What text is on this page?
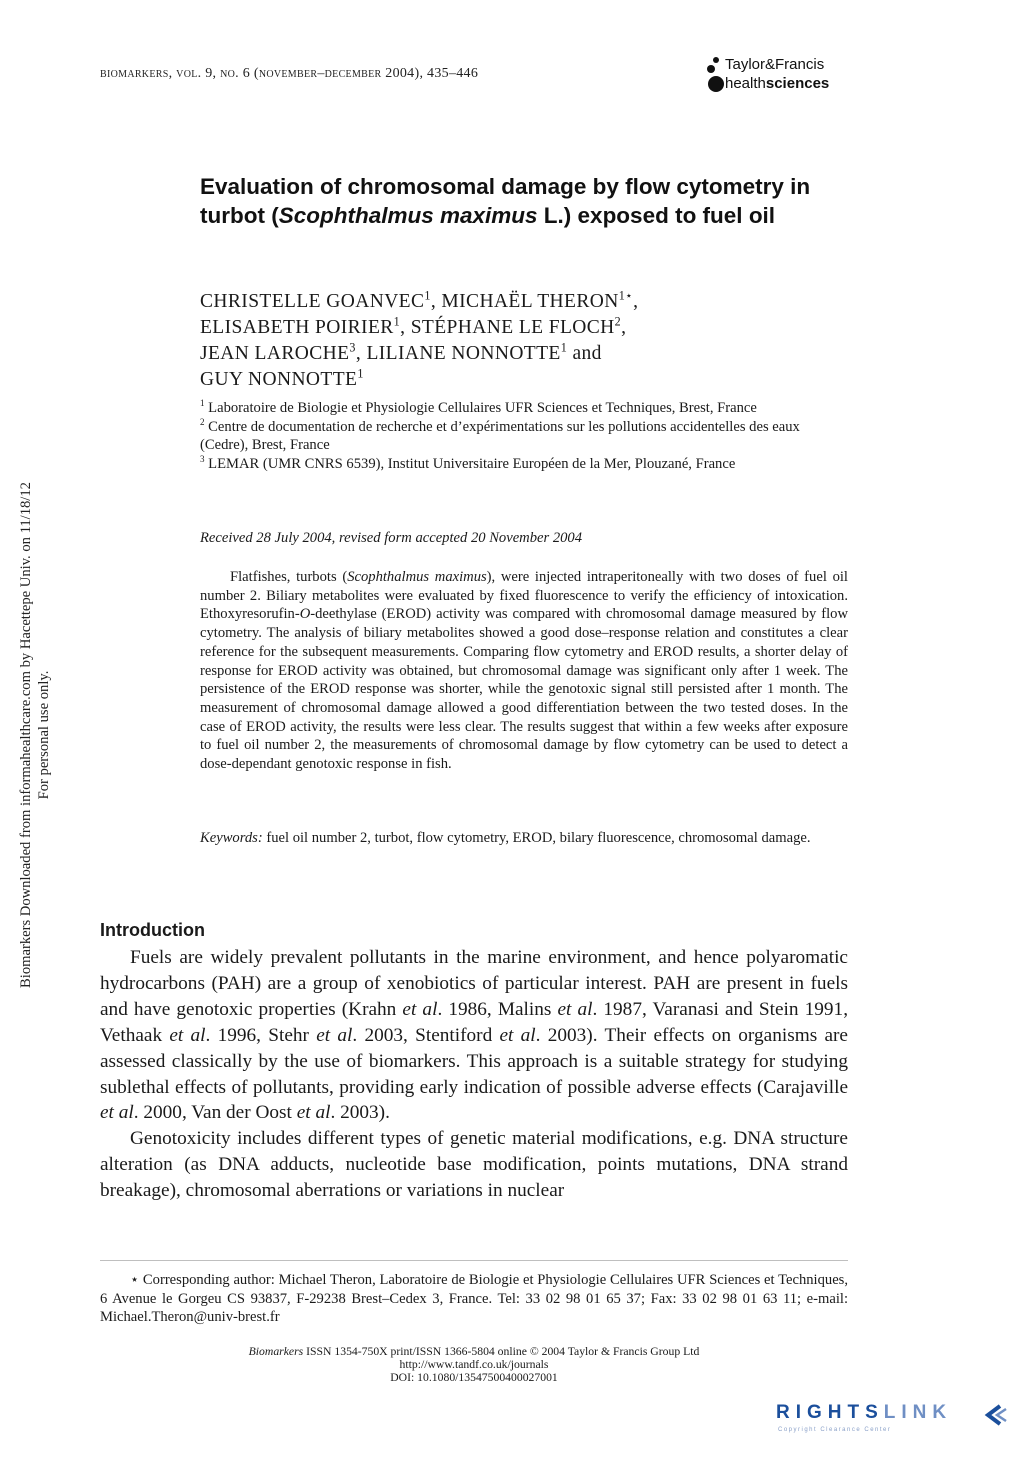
Biomarkers Downloaded from informahealthcare.com by Hacettepe Univ. on 11/18/12 For personal use only.
biomarkers, vol. 9, no. 6 (november–december 2004), 435–446
Taylor&Francis
healthsciences
Evaluation of chromosomal damage by flow cytometry in turbot (Scophthalmus maximus L.) exposed to fuel oil
CHRISTELLE GOANVEC$^1$, MICHAËL $THERON^{1⋆}$,
ELISABETH POIRIER$^1$, STÉPHANE LE FLOCH$^2$,
JEAN LAROCHE$^3$, LILIANE NONNOTTE$^1$ and
GUY NONNOTTE$^1$

$^1$ Laboratoire de Biologie et Physiologie Cellulaires UFR Sciences et Techniques, Brest, France

$^2$ Centre de documentation de recherche et d’expérimentations sur les pollutions accidentelles des eaux (Cedre), Brest, France

$^3$ LEMAR (UMR CNRS 6539), Institut Universitaire Européen de la Mer, Plouzané, France

Received 28 July 2004, revised form accepted 20 November 2004

Flatfishes, turbots (Scophthalmus maximus), were injected intraperitoneally with two doses of fuel oil number 2. Biliary metabolites were evaluated by fixed fluorescence to verify the efficiency of intoxication. Ethoxyresorufin-O-deethylase (EROD) activity was compared with chromosomal damage measured by flow cytometry. The analysis of biliary metabolites showed a good dose–response relation and constitutes a clear reference for the subsequent measurements. Comparing flow cytometry and EROD results, a shorter delay of response for EROD activity was obtained, but chromosomal damage was significant only after 1 week. The persistence of the EROD response was shorter, while the genotoxic signal still persisted after 1 month. The measurement of chromosomal damage allowed a good differentiation between the two tested doses. In the case of EROD activity, the results were less clear. The results suggest that within a few weeks after exposure to fuel oil number 2, the measurements of chromosomal damage by flow cytometry can be used to detect a dose-dependant genotoxic response in fish.

Keywords: fuel oil number 2, turbot, flow cytometry, EROD, bilary fluorescence, chromosomal damage.

Introduction

Fuels are widely prevalent pollutants in the marine environment, and hence polyaromatic hydrocarbons (PAH) are a group of xenobiotics of particular interest. PAH are present in fuels and have genotoxic properties (Krahn et al. 1986, Malins et al. 1987, Varanasi and Stein 1991, Vethaak et al. 1996, Stehr et al. 2003, Stentiford et al. 2003). Their effects on organisms are assessed classically by the use of biomarkers. This approach is a suitable strategy for studying sublethal effects of pollutants, providing early indication of possible adverse effects (Carajaville et al. 2000, Van der Oost et al. 2003).

Genotoxicity includes different types of genetic material modifications, e.g. DNA structure alteration (as DNA adducts, nucleotide base modification, points mutations, DNA strand breakage), chromosomal aberrations or variations in nuclear

⋆ Corresponding author: Michael Theron, Laboratoire de Biologie et Physiologie Cellulaires UFR Sciences et Techniques, 6 Avenue le Gorgeu CS 93837, F-29238 Brest–Cedex 3, France. Tel: 33 02 98 01 65 37; Fax: 33 02 98 01 63 11; e-mail: Michael.Theron@univ-brest.fr

Biomarkers ISSN 1354-750X print/ISSN 1366-5804 online © 2004 Taylor & Francis Group Ltd
http://www.tandf.co.uk/journals
DOI: 10.1080/13547500400027001
RIGHTSLINK
Copyright Clearance Center
